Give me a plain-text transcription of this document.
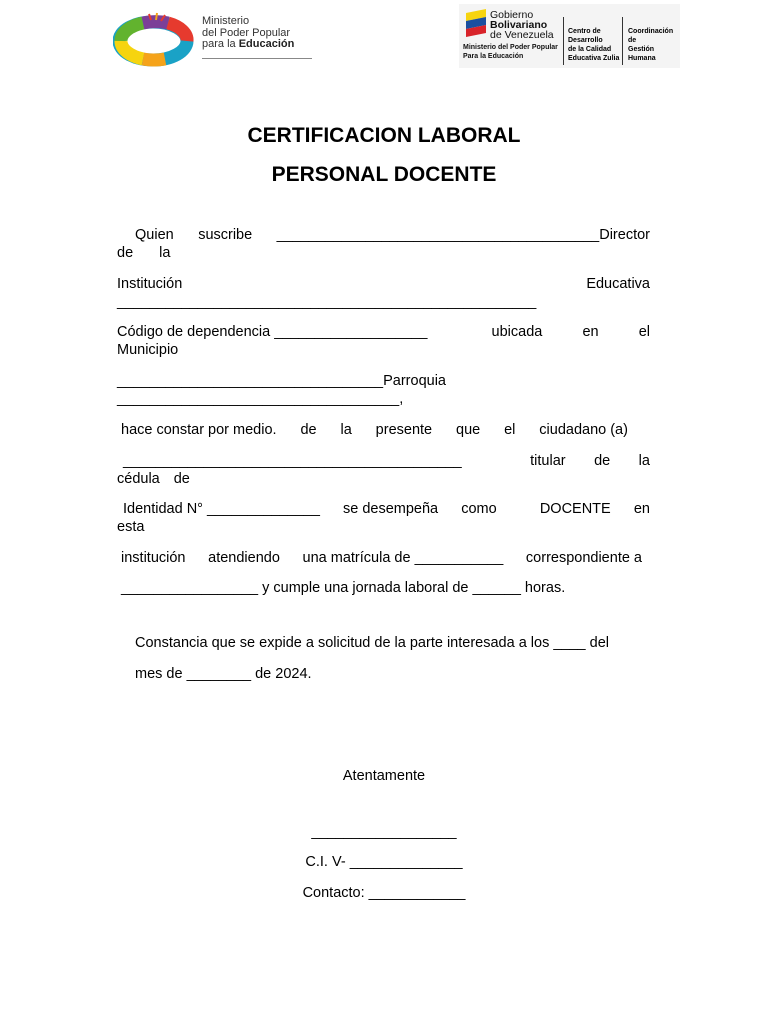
Ministerio
del Poder Popular
para la Educación
Gobierno
Bolivariano
de Venezuela
Ministerio del Poder Popular
Para la Educación
Centro de
Desarrollo
de la Calidad
Educativa Zulia
Coordinación
de
Gestión
Humana
CERTIFICACION LABORAL
PERSONAL DOCENTE
Quien suscribe ________________________________________Director
de la
Institución	Educativa
____________________________________________________
Código de dependencia ___________________	ubicada	en	el
Municipio
_________________________________Parroquia
___________________________________,
hace constar por medio. de la presente que el ciudadano (a)
__________________________________________	titular de la
cédula de
Identidad N° ______________ se desempeña como	DOCENTE en
esta
institución atendiendo una matrícula de ___________ correspondiente a
_________________ y cumple una jornada laboral de ______ horas.
Constancia que se expide a solicitud de la parte interesada a los ____ del
mes de ________ de 2024.
Atentamente
__________________
C.I. V- ______________
Contacto: ____________
